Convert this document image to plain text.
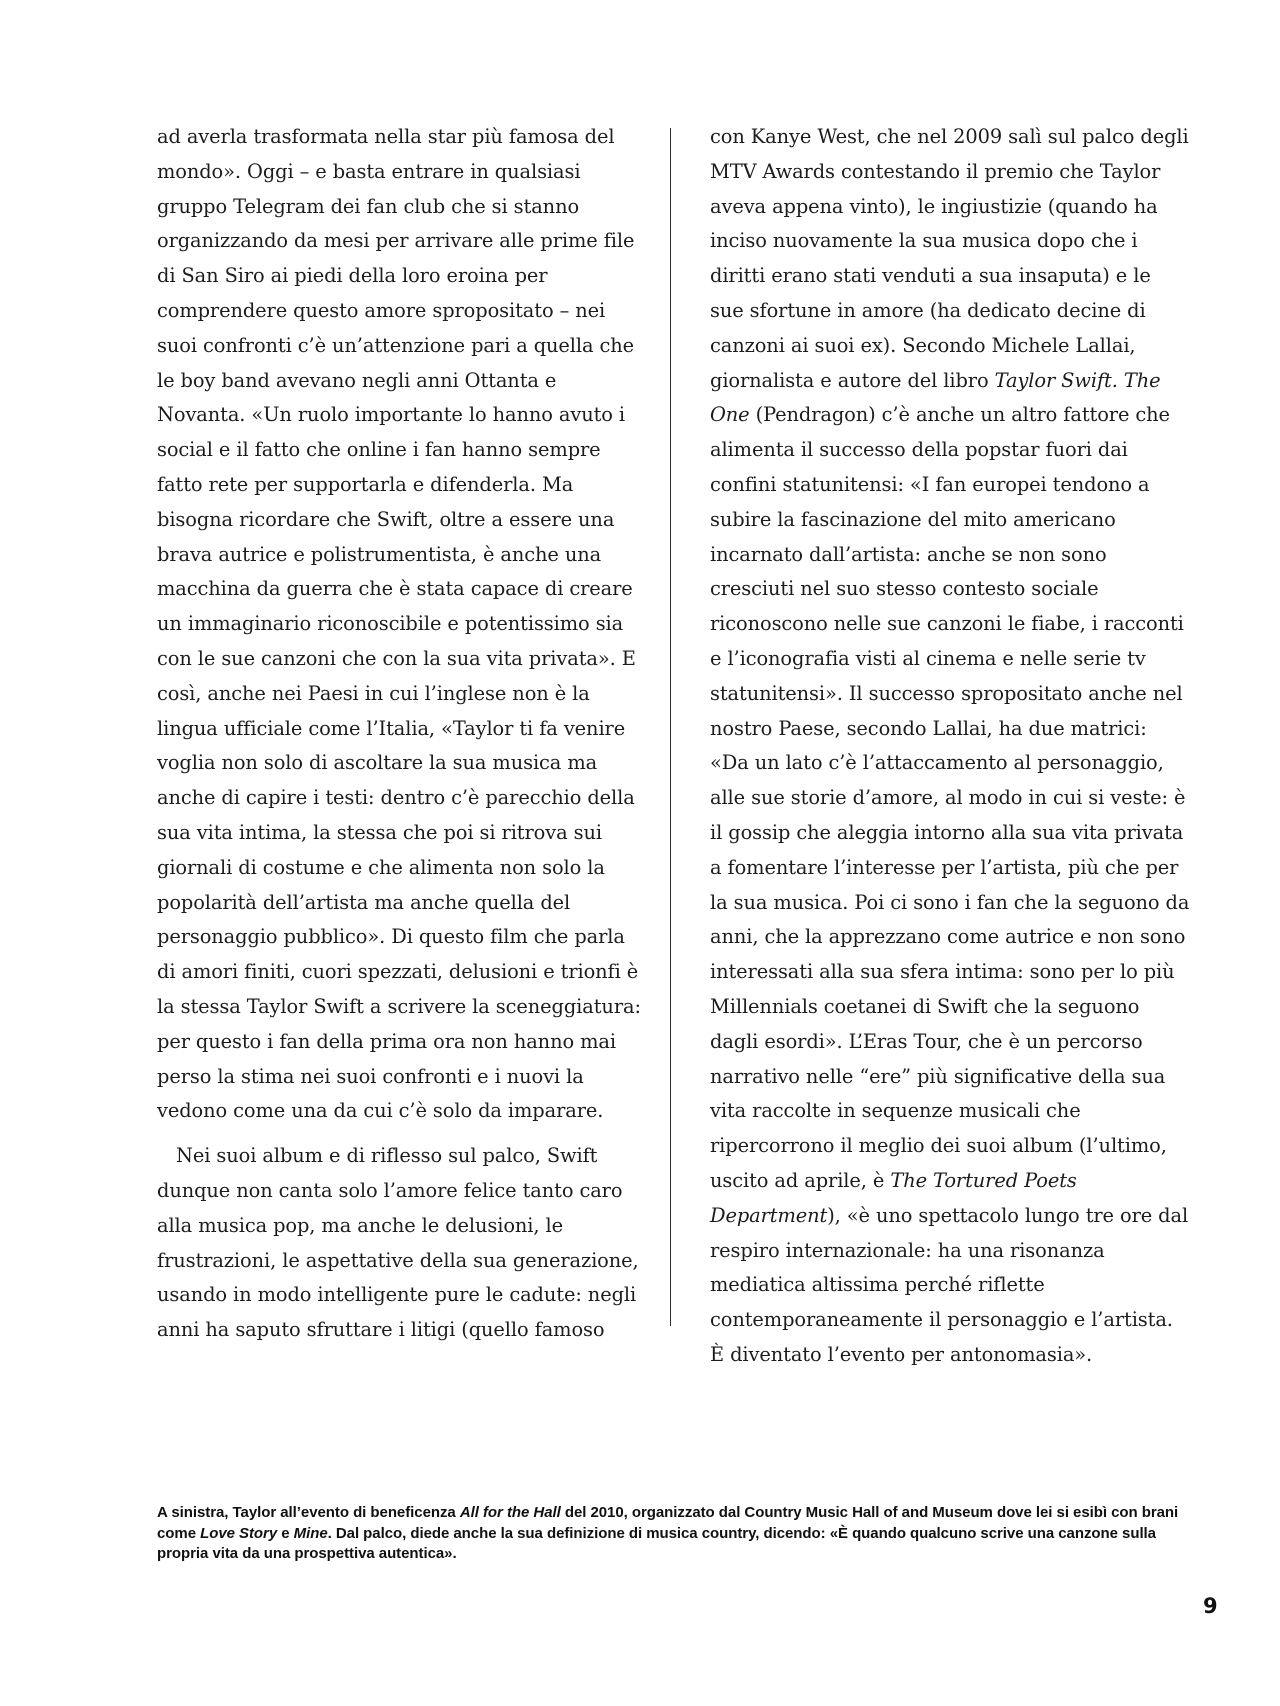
ad averla trasformata nella star più famosa del mondo». Oggi – e basta entrare in qualsiasi gruppo Telegram dei fan club che si stanno organizzando da mesi per arrivare alle prime file di San Siro ai piedi della loro eroina per comprendere questo amore spropositato – nei suoi confronti c’è un’attenzione pari a quella che le boy band avevano negli anni Ottanta e Novanta. «Un ruolo importante lo hanno avuto i social e il fatto che online i fan hanno sempre fatto rete per supportarla e difenderla. Ma bisogna ricordare che Swift, oltre a essere una brava autrice e polistrumentista, è anche una macchina da guerra che è stata capace di creare un immaginario riconoscibile e potentissimo sia con le sue canzoni che con la sua vita privata». E così, anche nei Paesi in cui l’inglese non è la lingua ufficiale come l’Italia, «Taylor ti fa venire voglia non solo di ascoltare la sua musica ma anche di capire i testi: dentro c’è parecchio della sua vita intima, la stessa che poi si ritrova sui giornali di costume e che alimenta non solo la popolarità dell’artista ma anche quella del personaggio pubblico». Di questo film che parla di amori finiti, cuori spezzati, delusioni e trionfi è la stessa Taylor Swift a scrivere la sceneggiatura: per questo i fan della prima ora non hanno mai perso la stima nei suoi confronti e i nuovi la vedono come una da cui c’è solo da imparare.

Nei suoi album e di riflesso sul palco, Swift dunque non canta solo l’amore felice tanto caro alla musica pop, ma anche le delusioni, le frustrazioni, le aspettative della sua generazione, usando in modo intelligente pure le cadute: negli anni ha saputo sfruttare i litigi (quello famoso

con Kanye West, che nel 2009 salì sul palco degli MTV Awards contestando il premio che Taylor aveva appena vinto), le ingiustizie (quando ha inciso nuovamente la sua musica dopo che i diritti erano stati venduti a sua insaputa) e le sue sfortune in amore (ha dedicato decine di canzoni ai suoi ex). Secondo Michele Lallai, giornalista e autore del libro Taylor Swift. The One (Pendragon) c’è anche un altro fattore che alimenta il successo della popstar fuori dai confini statunitensi: «I fan europei tendono a subire la fascinazione del mito americano incarnato dall’artista: anche se non sono cresciuti nel suo stesso contesto sociale riconoscono nelle sue canzoni le fiabe, i racconti e l’iconografia visti al cinema e nelle serie tv statunitensi». Il successo spropositato anche nel nostro Paese, secondo Lallai, ha due matrici: «Da un lato c’è l’attaccamento al personaggio, alle sue storie d’amore, al modo in cui si veste: è il gossip che aleggia intorno alla sua vita privata a fomentare l’interesse per l’artista, più che per la sua musica. Poi ci sono i fan che la seguono da anni, che la apprezzano come autrice e non sono interessati alla sua sfera intima: sono per lo più Millennials coetanei di Swift che la seguono dagli esordi». L’Eras Tour, che è un percorso narrativo nelle “ere” più significative della sua vita raccolte in sequenze musicali che ripercorrono il meglio dei suoi album (l’ultimo, uscito ad aprile, è The Tortured Poets Department), «è uno spettacolo lungo tre ore dal respiro internazionale: ha una risonanza mediatica altissima perché riflette contemporaneamente il personaggio e l’artista. È diventato l’evento per antonomasia».

A sinistra, Taylor all’evento di beneficenza All for the Hall del 2010, organizzato dal Country Music Hall of and Museum dove lei si esibì con brani come Love Story e Mine. Dal palco, diede anche la sua definizione di musica country, dicendo: «È quando qualcuno scrive una canzone sulla propria vita da una prospettiva autentica».
9
